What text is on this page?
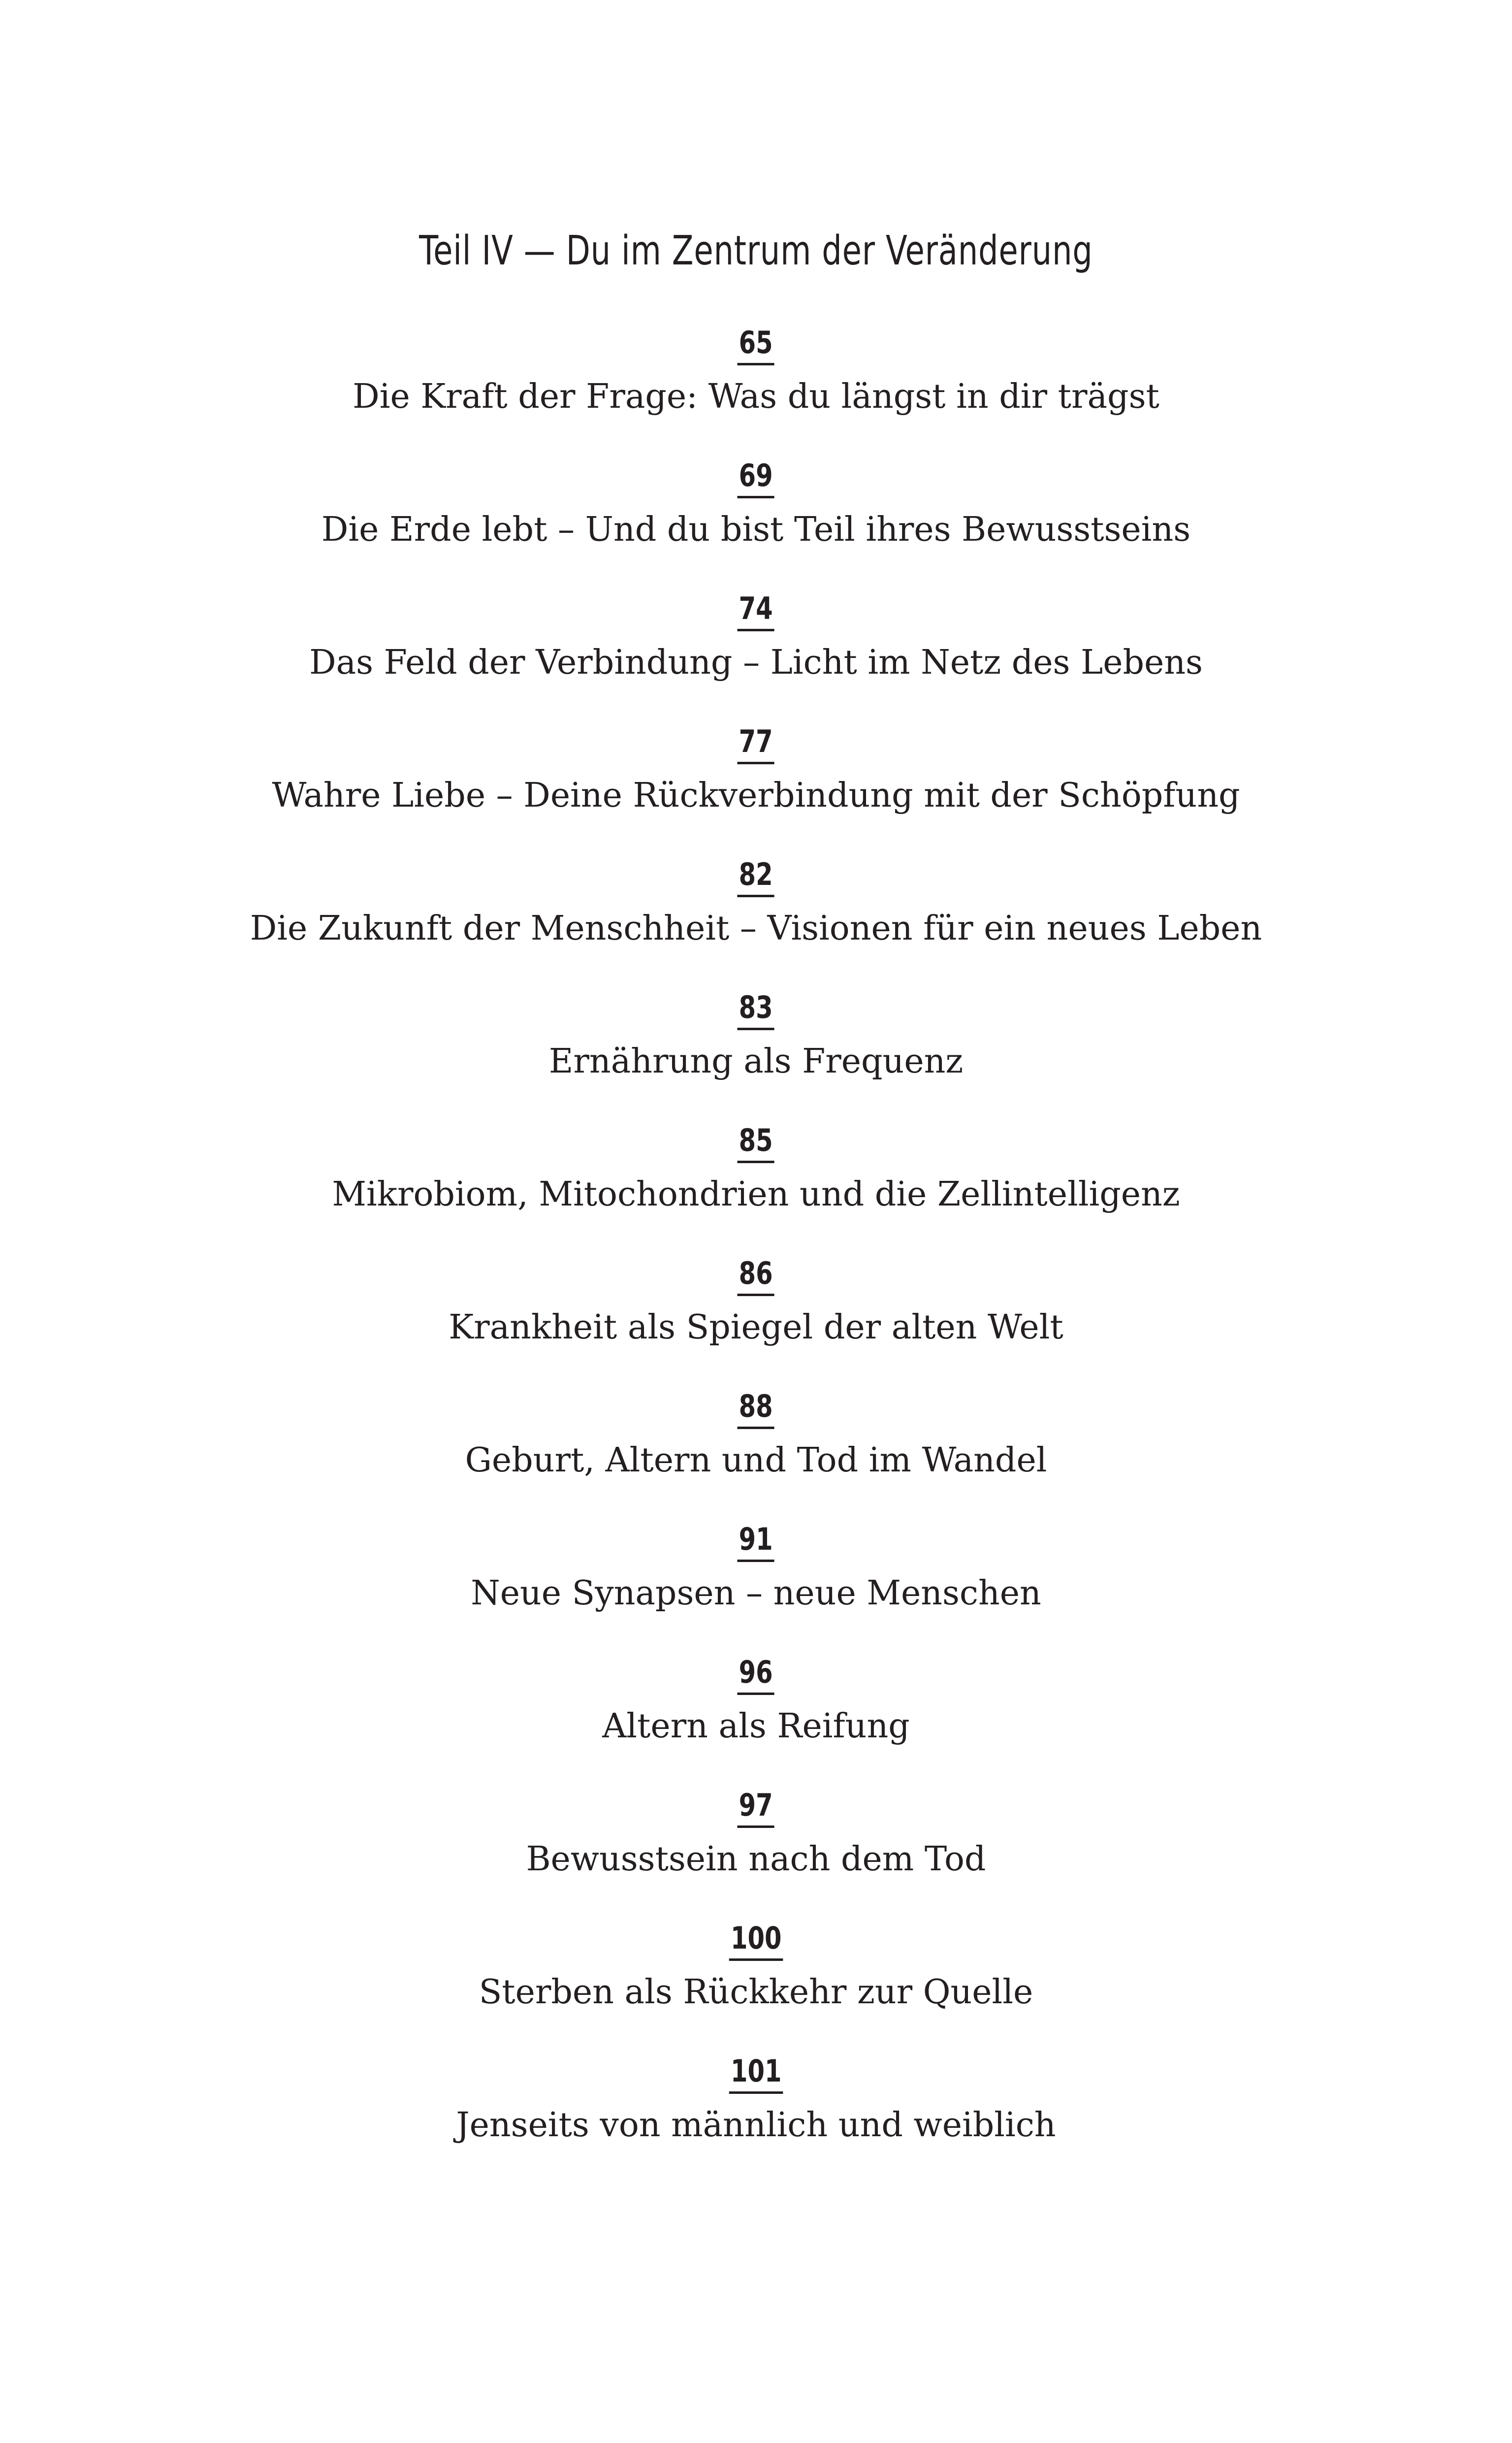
Teil IV — Du im Zentrum der Veränderung
65
Die Kraft der Frage: Was du längst in dir trägst
69
Die Erde lebt – Und du bist Teil ihres Bewusstseins
74
Das Feld der Verbindung – Licht im Netz des Lebens
77
Wahre Liebe – Deine Rückverbindung mit der Schöpfung
82
Die Zukunft der Menschheit – Visionen für ein neues Leben
83
Ernährung als Frequenz
85
Mikrobiom, Mitochondrien und die Zellintelligenz
86
Krankheit als Spiegel der alten Welt
88
Geburt, Altern und Tod im Wandel
91
Neue Synapsen – neue Menschen
96
Altern als Reifung
97
Bewusstsein nach dem Tod
100
Sterben als Rückkehr zur Quelle
101
Jenseits von männlich und weiblich
